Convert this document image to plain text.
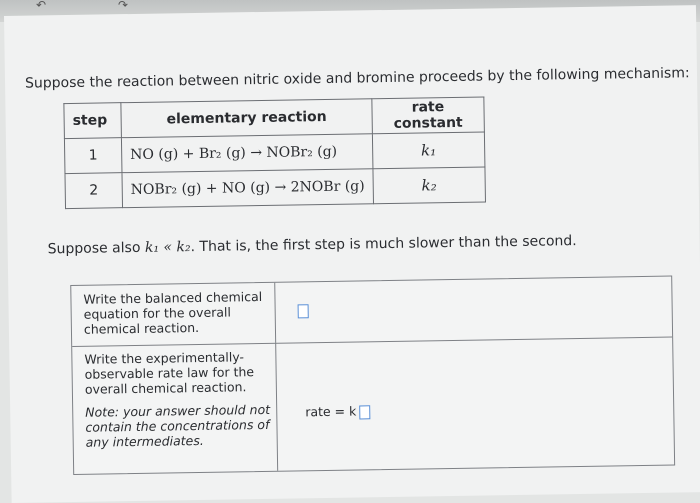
↶	↷
Suppose the reaction between nitric oxide and bromine proceeds by the following mechanism:
step	elementary reaction	rate constant
1	NO (g) + Br₂ (g) → NOBr₂ (g)	k₁
2	NOBr₂ (g) + NO (g) → 2NOBr (g)	k₂
Suppose also k₁ « k₂. That is, the first step is much slower than the second.

Write the balanced chemical equation for the overall chemical reaction.

Write the experimentally-observable rate law for the overall chemical reaction.

Note: your answer should not contain the concentrations of any intermediates.

rate = k
